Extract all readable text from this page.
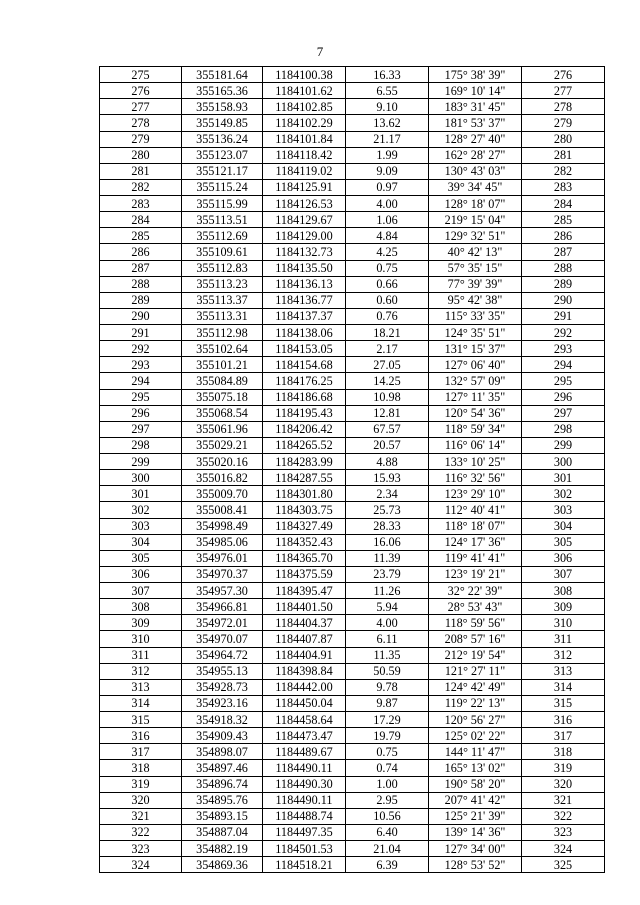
7
275	355181.64	1184100.38	16.33	175° 38' 39"	276
276	355165.36	1184101.62	6.55	169° 10' 14"	277
277	355158.93	1184102.85	9.10	183° 31' 45"	278
278	355149.85	1184102.29	13.62	181° 53' 37"	279
279	355136.24	1184101.84	21.17	128° 27' 40"	280
280	355123.07	1184118.42	1.99	162° 28' 27"	281
281	355121.17	1184119.02	9.09	130° 43' 03"	282
282	355115.24	1184125.91	0.97	39° 34' 45"	283
283	355115.99	1184126.53	4.00	128° 18' 07"	284
284	355113.51	1184129.67	1.06	219° 15' 04"	285
285	355112.69	1184129.00	4.84	129° 32' 51"	286
286	355109.61	1184132.73	4.25	40° 42' 13"	287
287	355112.83	1184135.50	0.75	57° 35' 15"	288
288	355113.23	1184136.13	0.66	77° 39' 39"	289
289	355113.37	1184136.77	0.60	95° 42' 38"	290
290	355113.31	1184137.37	0.76	115° 33' 35"	291
291	355112.98	1184138.06	18.21	124° 35' 51"	292
292	355102.64	1184153.05	2.17	131° 15' 37"	293
293	355101.21	1184154.68	27.05	127° 06' 40"	294
294	355084.89	1184176.25	14.25	132° 57' 09"	295
295	355075.18	1184186.68	10.98	127° 11' 35"	296
296	355068.54	1184195.43	12.81	120° 54' 36"	297
297	355061.96	1184206.42	67.57	118° 59' 34"	298
298	355029.21	1184265.52	20.57	116° 06' 14"	299
299	355020.16	1184283.99	4.88	133° 10' 25"	300
300	355016.82	1184287.55	15.93	116° 32' 56"	301
301	355009.70	1184301.80	2.34	123° 29' 10"	302
302	355008.41	1184303.75	25.73	112° 40' 41"	303
303	354998.49	1184327.49	28.33	118° 18' 07"	304
304	354985.06	1184352.43	16.06	124° 17' 36"	305
305	354976.01	1184365.70	11.39	119° 41' 41"	306
306	354970.37	1184375.59	23.79	123° 19' 21"	307
307	354957.30	1184395.47	11.26	32° 22' 39"	308
308	354966.81	1184401.50	5.94	28° 53' 43"	309
309	354972.01	1184404.37	4.00	118° 59' 56"	310
310	354970.07	1184407.87	6.11	208° 57' 16"	311
311	354964.72	1184404.91	11.35	212° 19' 54"	312
312	354955.13	1184398.84	50.59	121° 27' 11"	313
313	354928.73	1184442.00	9.78	124° 42' 49"	314
314	354923.16	1184450.04	9.87	119° 22' 13"	315
315	354918.32	1184458.64	17.29	120° 56' 27"	316
316	354909.43	1184473.47	19.79	125° 02' 22"	317
317	354898.07	1184489.67	0.75	144° 11' 47"	318
318	354897.46	1184490.11	0.74	165° 13' 02"	319
319	354896.74	1184490.30	1.00	190° 58' 20"	320
320	354895.76	1184490.11	2.95	207° 41' 42"	321
321	354893.15	1184488.74	10.56	125° 21' 39"	322
322	354887.04	1184497.35	6.40	139° 14' 36"	323
323	354882.19	1184501.53	21.04	127° 34' 00"	324
324	354869.36	1184518.21	6.39	128° 53' 52"	325
